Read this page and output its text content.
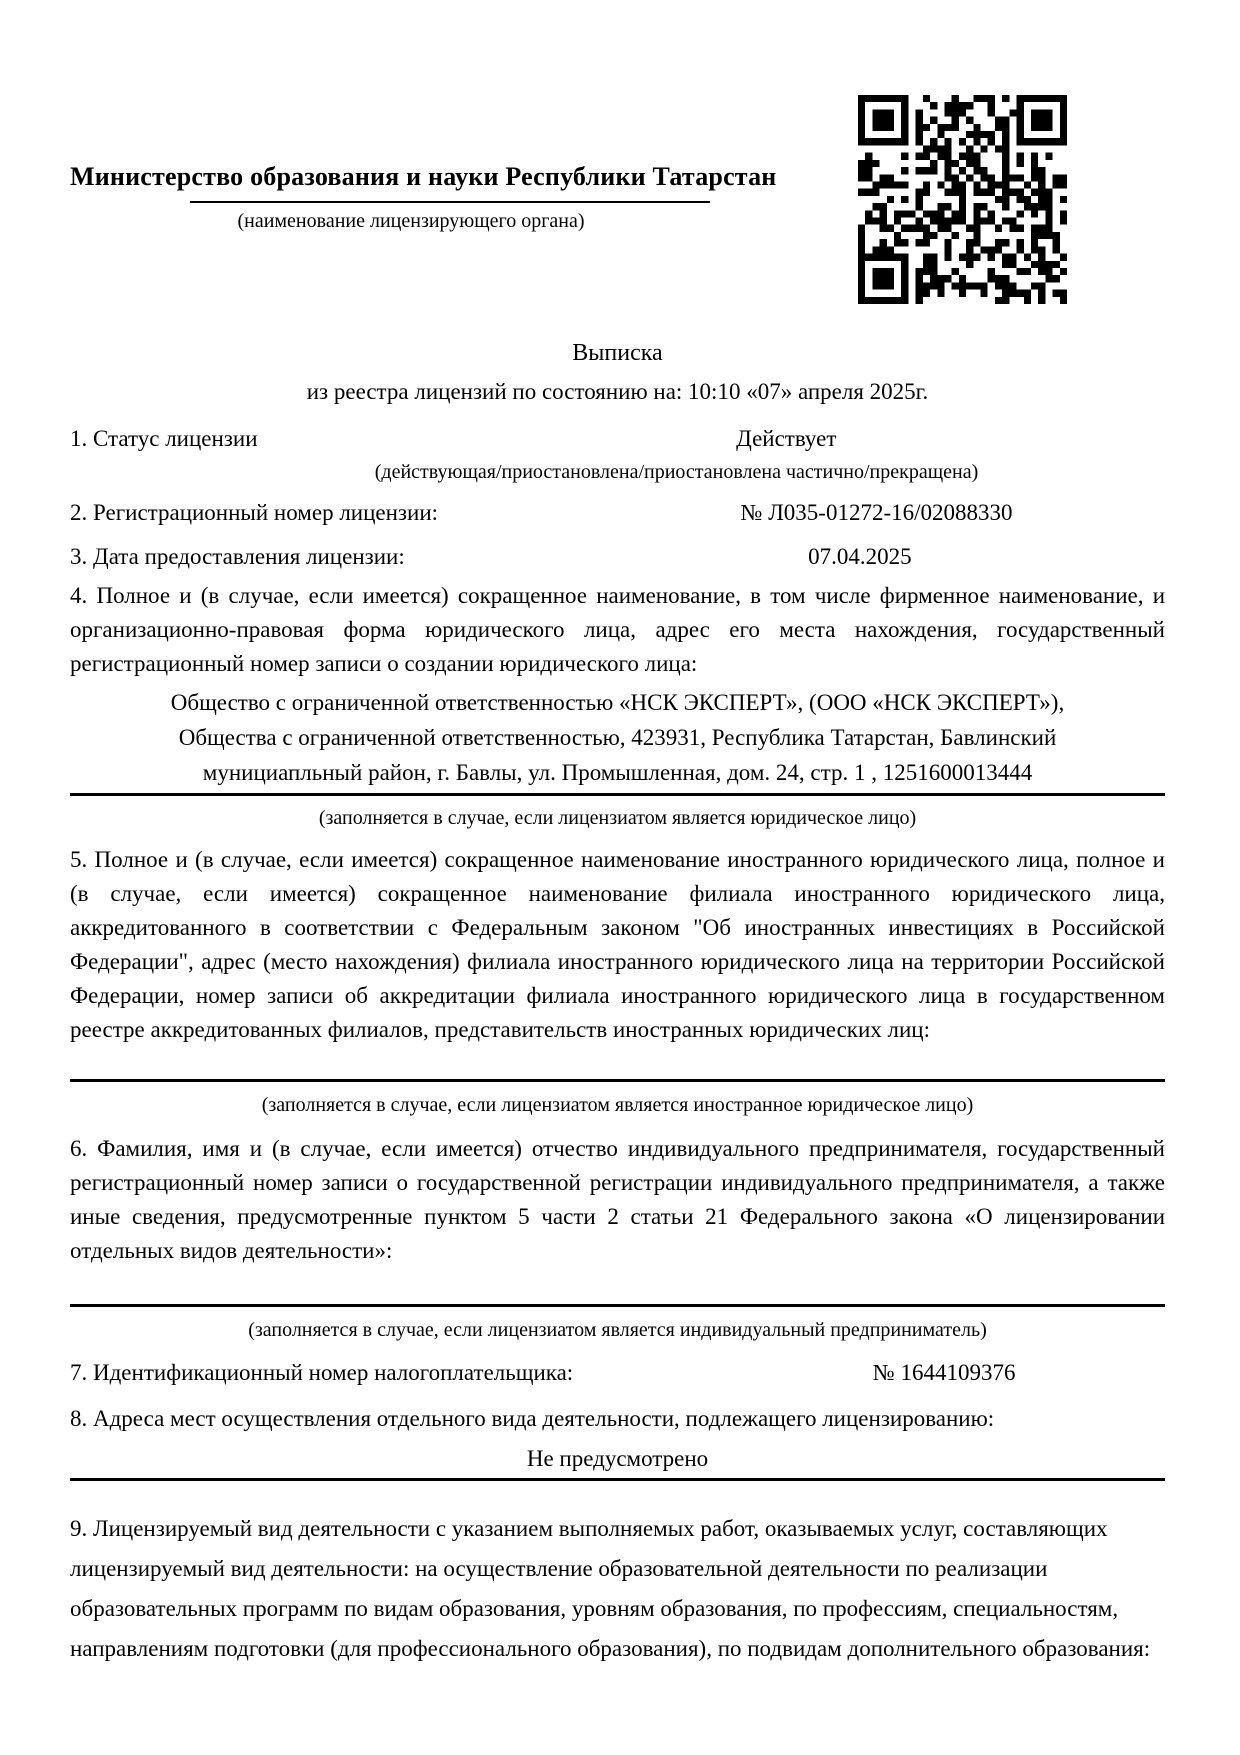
Министерство образования и науки Республики Татарстан
(наименование лицензирующего органа)
Выписка
из реестра лицензий по состоянию на: 10:10 «07» апреля 2025г.
1. Статус лицензии	Действует
(действующая/приостановлена/приостановлена частично/прекращена)
2. Регистрационный номер лицензии:	№ Л035-01272-16/02088330
3. Дата предоставления лицензии:	07.04.2025
4. Полное и (в случае, если имеется) сокращенное наименование, в том числе фирменное наименование, и организационно-правовая форма юридического лица, адрес его места нахождения, государственный регистрационный номер записи о создании юридического лица:
Общество с ограниченной ответственностью «НСК ЭКСПЕРТ», (ООО «НСК ЭКСПЕРТ»),
Общества с ограниченной ответственностью, 423931, Республика Татарстан, Бавлинский
мунициапльный район, г. Бавлы, ул. Промышленная, дом. 24, стр. 1 , 1251600013444
(заполняется в случае, если лицензиатом является юридическое лицо)
5. Полное и (в случае, если имеется) сокращенное наименование иностранного юридического лица, полное и (в случае, если имеется) сокращенное наименование филиала иностранного юридического лица, аккредитованного в соответствии с Федеральным законом "Об иностранных инвестициях в Российской Федерации", адрес (место нахождения) филиала иностранного юридического лица на территории Российской Федерации, номер записи об аккредитации филиала иностранного юридического лица в государственном реестре аккредитованных филиалов, представительств иностранных юридических лиц:
(заполняется в случае, если лицензиатом является иностранное юридическое лицо)
6. Фамилия, имя и (в случае, если имеется) отчество индивидуального предпринимателя, государственный регистрационный номер записи о государственной регистрации индивидуального предпринимателя, а также иные сведения, предусмотренные пунктом 5 части 2 статьи 21 Федерального закона «О лицензировании отдельных видов деятельности»:
(заполняется в случае, если лицензиатом является индивидуальный предприниматель)
7. Идентификационный номер налогоплательщика:	№ 1644109376
8. Адреса мест осуществления отдельного вида деятельности, подлежащего лицензированию:
Не предусмотрено
9. Лицензируемый вид деятельности с указанием выполняемых работ, оказываемых услуг, составляющих лицензируемый вид деятельности: на осуществление образовательной деятельности по реализации образовательных программ по видам образования, уровням образования, по профессиям, специальностям, направлениям подготовки (для профессионального образования), по подвидам дополнительного образования:
